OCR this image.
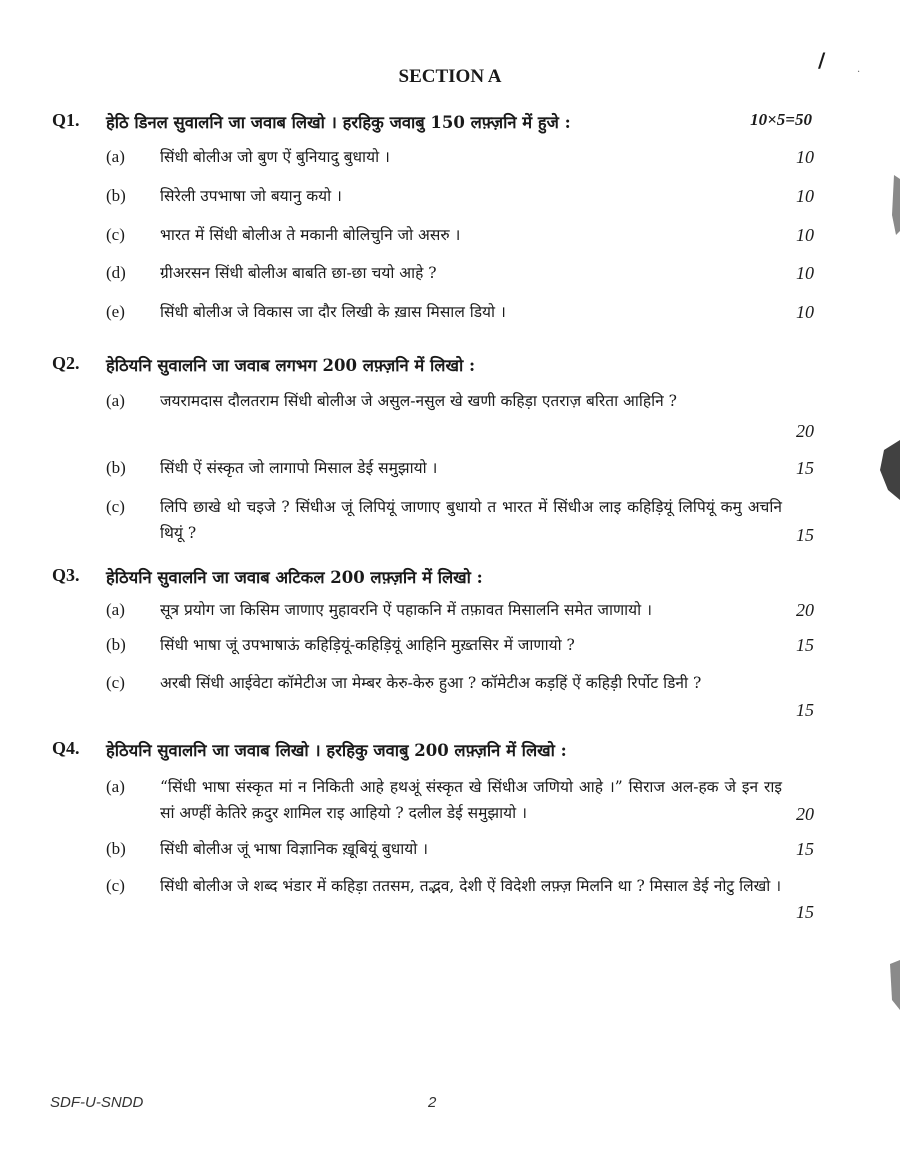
/	.
SECTION A
Q1. हेठि डिनल सुवालनि जा जवाब लिखो । हरहिकु जवाबु 150 लफ़्ज़नि में हुजे :	10×5=50
(a) सिंधी बोलीअ जो बुण ऐं बुनियादु बुधायो ।	10
(b) सिरेली उपभाषा जो बयानु कयो ।	10
(c) भारत में सिंधी बोलीअ ते मकानी बोलिचुनि जो असरु ।	10
(d) ग्रीअरसन सिंधी बोलीअ बाबति छा-छा चयो आहे ?	10
(e) सिंधी बोलीअ जे विकास जा दौर लिखी के ख़ास मिसाल डियो ।	10
Q2. हेठियनि सुवालनि जा जवाब लगभग 200 लफ़्ज़नि में लिखो :
(a) जयरामदास दौलतराम सिंधी बोलीअ जे असुल-नसुल खे खणी कहिड़ा एतराज़ बरिता आहिनि ?
20
(b) सिंधी ऐं संस्कृत जो लागापो मिसाल डेई समुझायो ।	15
(c) लिपि छाखे थो चइजे ? सिंधीअ जूं लिपियूं जाणाए बुधायो त भारत में सिंधीअ लाइ कहिड़ियूं लिपियूं कमु अचनि थियूं ?	15
Q3. हेठियनि सुवालनि जा जवाब अटिकल 200 लफ़्ज़नि में लिखो :
(a) सूत्र प्रयोग जा किसिम जाणाए मुहावरनि ऐं पहाकनि में तफ़ावत मिसालनि समेत जाणायो ।	20
(b) सिंधी भाषा जूं उपभाषाऊं कहिड़ियूं-कहिड़ियूं आहिनि मुख़्तसिर में जाणायो ?	15
(c) अरबी सिंधी आईवेटा कॉमेटीअ जा मेम्बर केरु-केरु हुआ ? कॉमेटीअ कड़हिं ऐं कहिड़ी रिर्पोट डिनी ?
15
Q4. हेठियनि सुवालनि जा जवाब लिखो । हरहिकु जवाबु 200 लफ़्ज़नि में लिखो :
(a) “सिंधी भाषा संस्कृत मां न निकिती आहे हथअूं संस्कृत खे सिंधीअ जणियो आहे ।” सिराज अल-हक जे इन राइ सां अण्हीं केतिरे क़दुर शामिल राइ आहियो ? दलील डेई समुझायो ।	20
(b) सिंधी बोलीअ जूं भाषा विज्ञानिक ख़ूबियूं बुधायो ।	15
(c) सिंधी बोलीअ जे शब्द भंडार में कहिड़ा ततसम, तद्भव, देशी ऐं विदेशी लफ़्ज़ मिलनि था ? मिसाल डेई नोटु लिखो ।
15
SDF-U-SNDD	2
